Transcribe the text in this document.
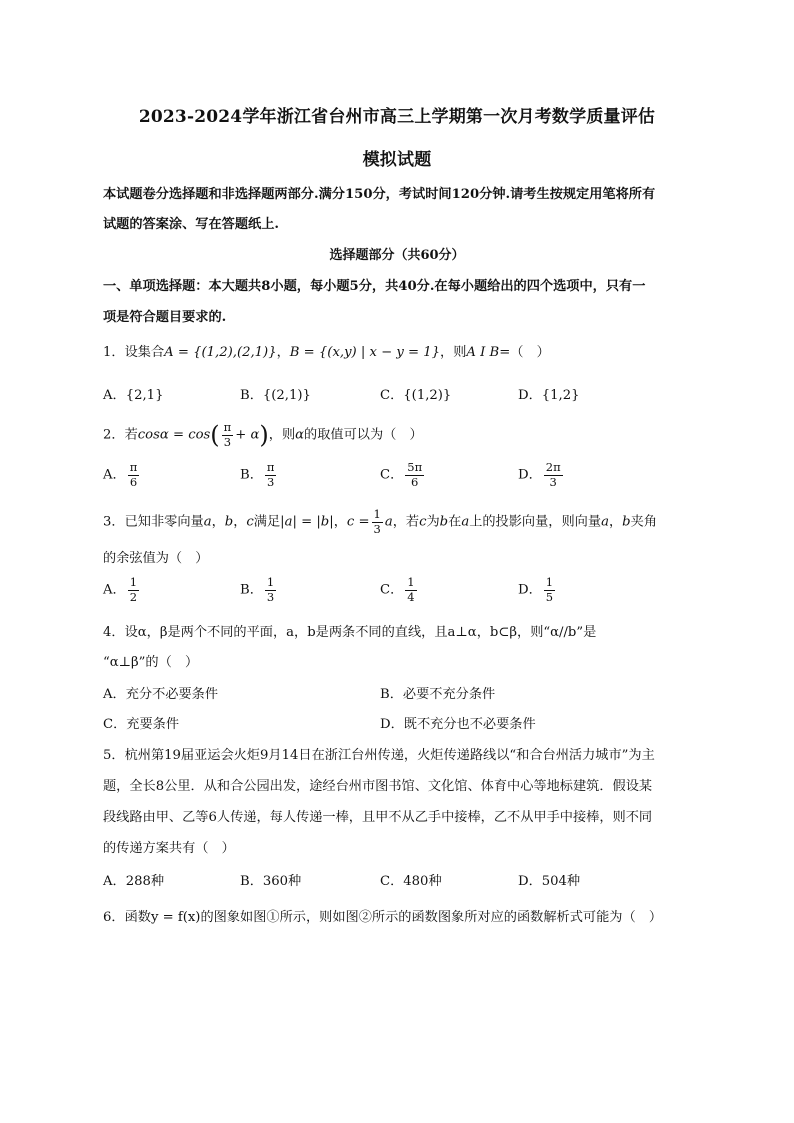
2023-2024学年浙江省台州市高三上学期第一次月考数学质量评估
模拟试题
本试题卷分选择题和非选择题两部分.满分150分，考试时间120分钟.请考生按规定用笔将所有
试题的答案涂、写在答题纸上.
选择题部分（共60分）
一、单项选择题：本大题共8小题，每小题5分，共40分.在每小题给出的四个选项中，只有一
项是符合题目要求的.
1．设集合A = {(1,2),(2,1)}，B = {(x,y) | x − y = 1}，则A I B=（　）
A．{2,1}	B．{(2,1)}	C．{(1,2)}	D．{1,2}
2．若$\cos\alpha = \cos( \frac{\pi}{3} + \alpha)$，则α的取值可以为（　）
A． $\frac{\pi}{6}$	B． $\frac{\pi}{3}$	C． $\frac{5\pi}{6}$	D． $\frac{2\pi}{3}$
3．已知非零向量a，b，c满足|a| = |b|，$c = \frac{1}{3}$ a，若c为b在a上的投影向量，则向量a，b夹角
的余弦值为（　）
A． $\frac{1}{2}$	B． $\frac{1}{3}$	C． $\frac{1}{4}$	D． $\frac{1}{5}$
4．设α，β是两个不同的平面，a，b是两条不同的直线，且a⊥α，b⊂β，则“α//b”是
“α⊥β”的（　）
A．充分不必要条件	B．必要不充分条件
C．充要条件	D．既不充分也不必要条件
5．杭州第19届亚运会火炬9月14日在浙江台州传递，火炬传递路线以“和合台州活力城市”为主
题，全长8公里．从和合公园出发，途经台州市图书馆、文化馆、体育中心等地标建筑．假设某
段线路由甲、乙等6人传递，每人传递一棒，且甲不从乙手中接棒，乙不从甲手中接棒，则不同
的传递方案共有（　）
A．288种	B．360种	C．480种	D．504种
6．函数y = f(x)的图象如图①所示，则如图②所示的函数图象所对应的函数解析式可能为（　）
